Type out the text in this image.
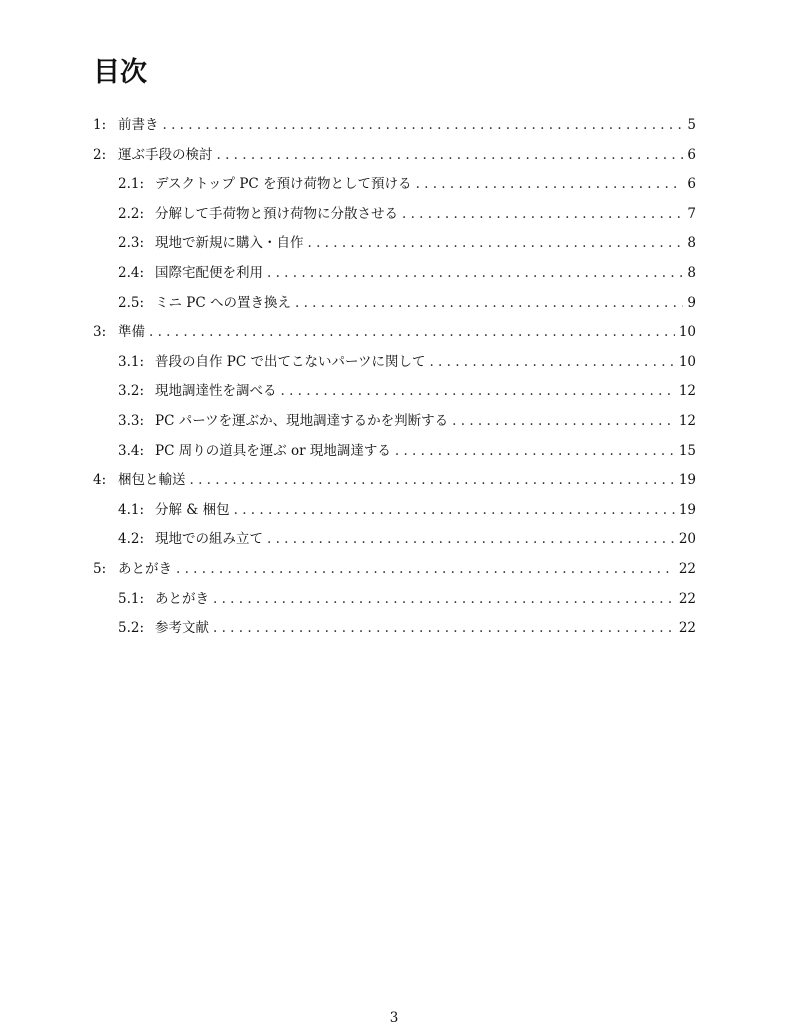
目次
1: 前書き . . .	5
2: 運ぶ手段の検討 . . .	6
2.1: デスクトップ PC を預け荷物として預ける . . .	6
2.2: 分解して手荷物と預け荷物に分散させる . . .	7
2.3: 現地で新規に購入・自作 . . .	8
2.4: 国際宅配便を利用 . . .	8
2.5: ミニ PC への置き換え . . .	9
3: 準備 . . .	10
3.1: 普段の自作 PC で出てこないパーツに関して . . .	10
3.2: 現地調達性を調べる . . .	12
3.3: PC パーツを運ぶか、現地調達するかを判断する . . .	12
3.4: PC 周りの道具を運ぶ or 現地調達する . . .	15
4: 梱包と輸送 . . .	19
4.1: 分解 & 梱包 . . .	19
4.2: 現地での組み立て . . .	20
5: あとがき . . .	22
5.1: あとがき . . .	22
5.2: 参考文献 . . .	22
3
